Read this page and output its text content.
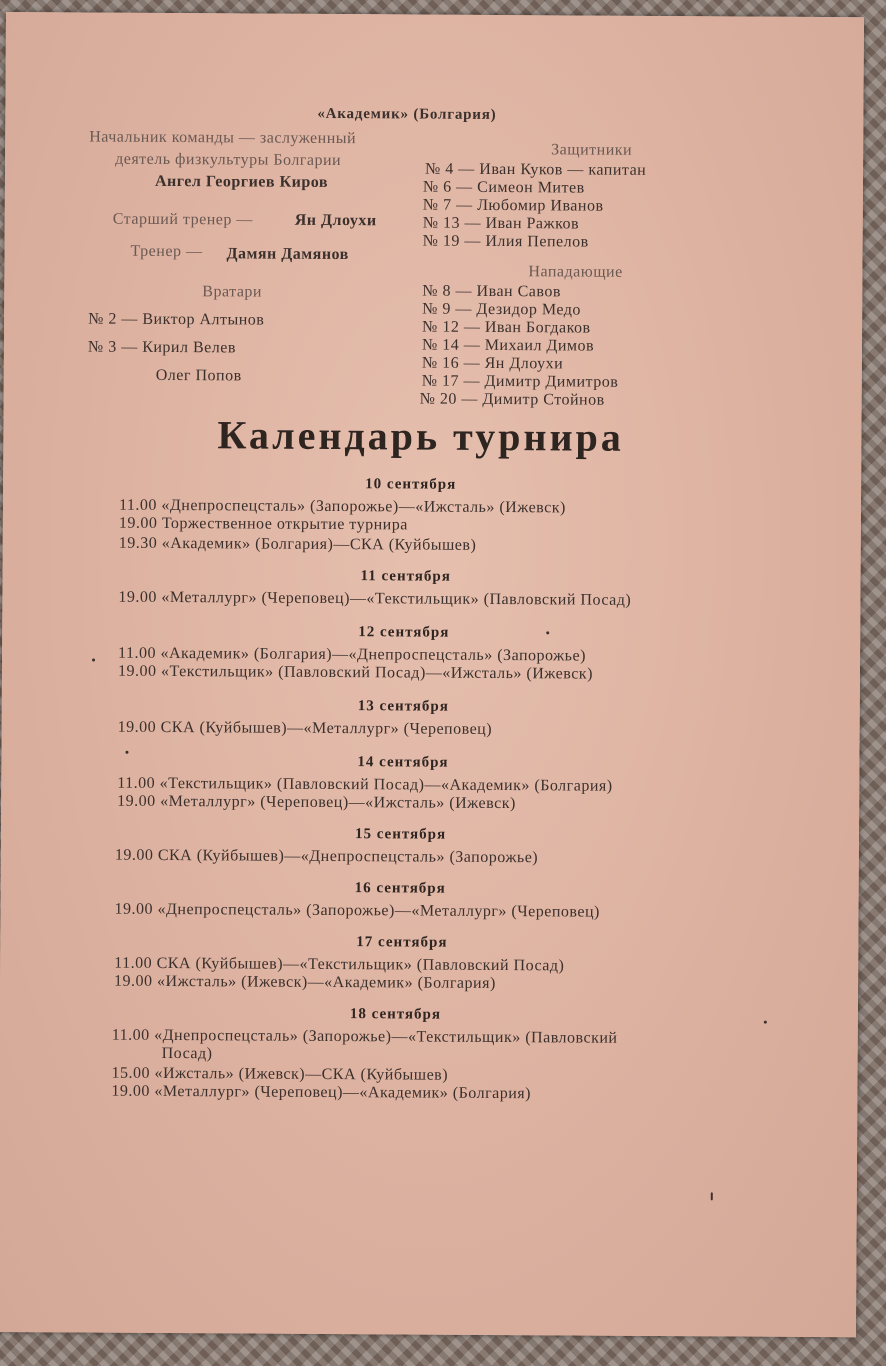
«Академик» (Болгария)
Начальник команды — заслуженный
деятель физкультуры Болгарии
Ангел Георгиев Киров
Старший тренер —	Ян Длоухи
Тренер — Дамян Дамянов
Вратари
№ 2 — Виктор Алтынов
№ 3 — Кирил Велев
Олег Попов
Защитники
№ 4 — Иван Куков — капитан
№ 6 — Симеон Митев
№ 7 — Любомир Иванов
№ 13 — Иван Ражков
№ 19 — Илия Пепелов
Нападающие
№ 8 — Иван Савов
№ 9 — Дезидор Медо
№ 12 — Иван Богдаков
№ 14 — Михаил Димов
№ 16 — Ян Длоухи
№ 17 — Димитр Димитров
№ 20 — Димитр Стойнов
Календарь турнира
10 сентября
11.00 «Днепроспецсталь» (Запорожье)—«Ижсталь» (Ижевск)
19.00 Торжественное открытие турнира
19.30 «Академик» (Болгария)—СКА (Куйбышев)
11 сентября
19.00 «Металлург» (Череповец)—«Текстильщик» (Павловский Посад)
12 сентября
11.00 «Академик» (Болгария)—«Днепроспецсталь» (Запорожье)
19.00 «Текстильщик» (Павловский Посад)—«Ижсталь» (Ижевск)
13 сентября
19.00 СКА (Куйбышев)—«Металлург» (Череповец)
14 сентября
11.00 «Текстильщик» (Павловский Посад)—«Академик» (Болгария)
19.00 «Металлург» (Череповец)—«Ижсталь» (Ижевск)
15 сентября
19.00 СКА (Куйбышев)—«Днепроспецсталь» (Запорожье)
16 сентября
19.00 «Днепроспецсталь» (Запорожье)—«Металлург» (Череповец)
17 сентября
11.00 СКА (Куйбышев)—«Текстильщик» (Павловский Посад)
19.00 «Ижсталь» (Ижевск)—«Академик» (Болгария)
18 сентября
11.00 «Днепроспецсталь» (Запорожье)—«Текстильщик» (Павловский
Посад)
15.00 «Ижсталь» (Ижевск)—СКА (Куйбышев)
19.00 «Металлург» (Череповец)—«Академик» (Болгария)
